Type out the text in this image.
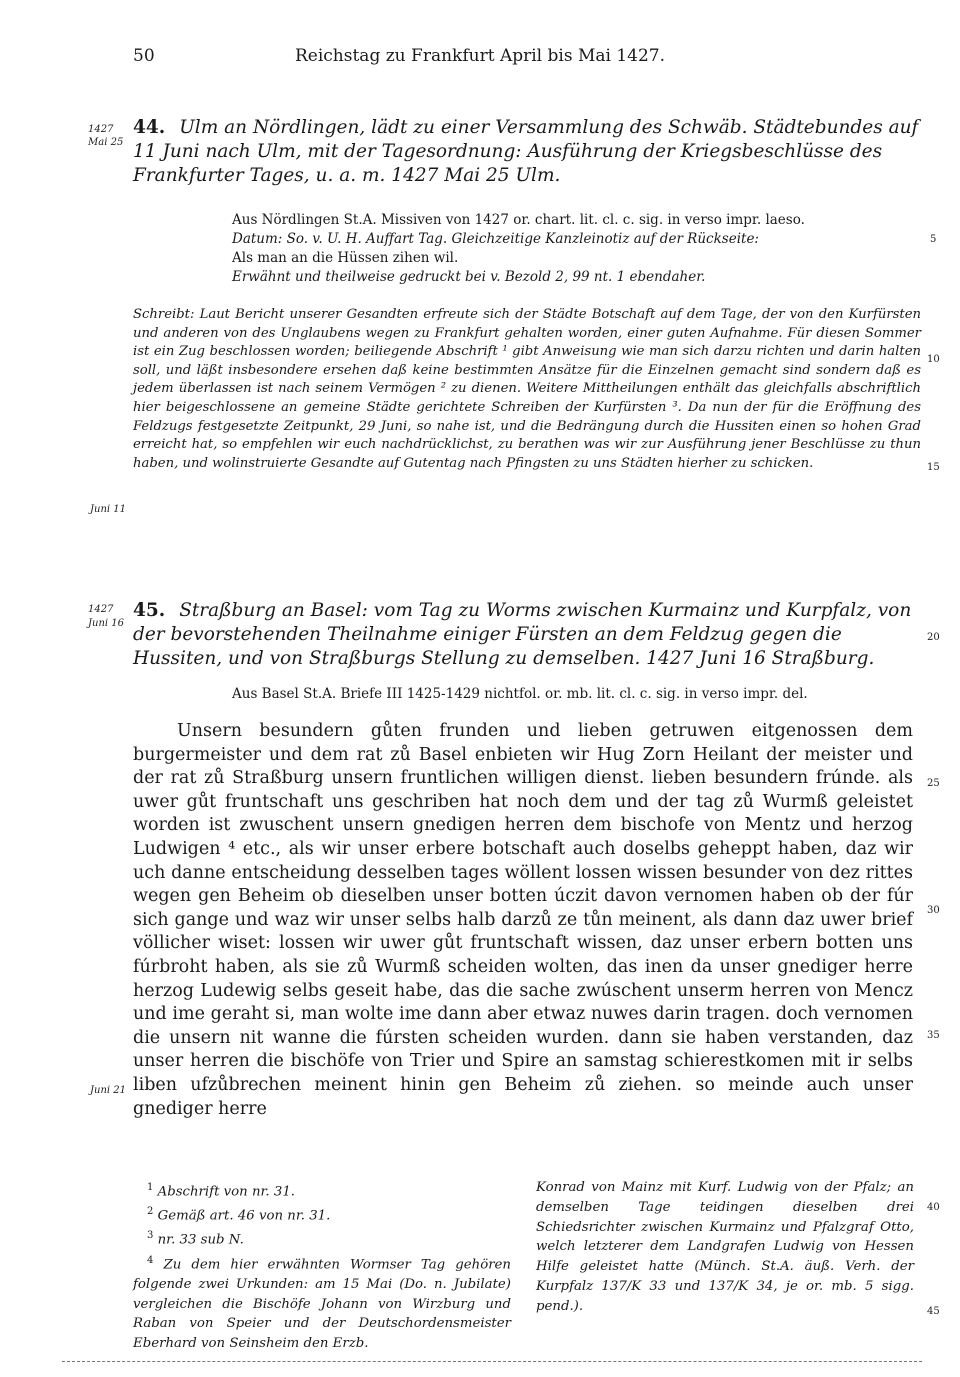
50	Reichstag zu Frankfurt April bis Mai 1427.
1427
Mai 25
44. Ulm an Nördlingen, lädt zu einer Versammlung des Schwäb. Städtebundes auf 11 Juni nach Ulm, mit der Tagesordnung: Ausführung der Kriegsbeschlüsse des Frankfurter Tages, u. a. m. 1427 Mai 25 Ulm.
Aus Nördlingen St.A. Missiven von 1427 or. chart. lit. cl. c. sig. in verso impr. laeso.
Datum: So. v. U. H. Auffart Tag. Gleichzeitige Kanzleinotiz auf der Rückseite:
Als man an die Hüssen zihen wil.
Erwähnt und theilweise gedruckt bei v. Bezold 2, 99 nt. 1 ebendaher.
Schreibt: Laut Bericht unserer Gesandten erfreute sich der Städte Botschaft auf dem Tage, der von den Kurfürsten und anderen von des Unglaubens wegen zu Frankfurt gehalten worden, einer guten Aufnahme. Für diesen Sommer ist ein Zug beschlossen worden; beiliegende Abschrift ¹ gibt Anweisung wie man sich darzu richten und darin halten soll, und läßt insbesondere ersehen daß keine bestimmten Ansätze für die Einzelnen gemacht sind sondern daß es jedem überlassen ist nach seinem Vermögen ² zu dienen. Weitere Mittheilungen enthält das gleichfalls abschriftlich hier beigeschlossene an gemeine Städte gerichtete Schreiben der Kurfürsten ³. Da nun der für die Eröffnung des Feldzugs festgesetzte Zeitpunkt, 29 Juni, so nahe ist, und die Bedrängung durch die Hussiten einen so hohen Grad erreicht hat, so empfehlen wir euch nachdrücklichst, zu berathen was wir zur Ausführung jener Beschlüsse zu thun haben, und wolinstruierte Gesandte auf Gutentag nach Pfingsten zu uns Städten hierher zu schicken.
Juni 11
1427
Juni 16
45. Straßburg an Basel: vom Tag zu Worms zwischen Kurmainz und Kurpfalz, von der bevorstehenden Theilnahme einiger Fürsten an dem Feldzug gegen die Hussiten, und von Straßburgs Stellung zu demselben. 1427 Juni 16 Straßburg.
Aus Basel St.A. Briefe III 1425-1429 nichtfol. or. mb. lit. cl. c. sig. in verso impr. del.
Unsern besundern gůten frunden und lieben getruwen eitgenossen dem burgermeister und dem rat zů Basel enbieten wir Hug Zorn Heilant der meister und der rat zů Straßburg unsern fruntlichen willigen dienst. lieben besundern frúnde. als uwer gůt fruntschaft uns geschriben hat noch dem und der tag zů Wurmß geleistet worden ist zwuschent unsern gnedigen herren dem bischofe von Mentz und herzog Ludwigen ⁴ etc., als wir unser erbere botschaft auch doselbs geheppt haben, daz wir uch danne entscheidung desselben tages wöllent lossen wissen besunder von dez rittes wegen gen Beheim ob dieselben unser botten úczit davon vernomen haben ob der fúr sich gange und waz wir unser selbs halb darzů ze tůn meinent, als dann daz uwer brief völlicher wiset: lossen wir uwer gůt fruntschaft wissen, daz unser erbern botten uns fúrbroht haben, als sie zů Wurmß scheiden wolten, das inen da unser gnediger herre herzog Ludewig selbs geseit habe, das die sache zwúschent unserm herren von Mencz und ime geraht si, man wolte ime dann aber etwaz nuwes darin tragen. doch vernomen die unsern nit wanne die fúrsten scheiden wurden. dann sie haben verstanden, daz unser herren die bischöfe von Trier und Spire an samstag schierestkomen mit ir selbs liben ufzůbrechen meinent hinin gen Beheim zů ziehen. so meinde auch unser gnediger herre
Juni 21
5
10
15
20
25
30
35
40
45
$^1$ Abschrift von nr. 31.
$^2$ Gemäß art. 46 von nr. 31.
$^3$ nr. 33 sub N.
$^4$ Zu dem hier erwähnten Wormser Tag gehören folgende zwei Urkunden: am 15 Mai (Do. n. Jubilate) vergleichen die Bischöfe Johann von Wirzburg und Raban von Speier und der Deutschordensmeister Eberhard von Seinsheim den Erzb.
Konrad von Mainz mit Kurf. Ludwig von der Pfalz; an demselben Tage teidingen dieselben drei Schiedsrichter zwischen Kurmainz und Pfalzgraf Otto, welch letzterer dem Landgrafen Ludwig von Hessen Hilfe geleistet hatte (Münch. St.A. äuß. Verh. der Kurpfalz 137/K 33 und 137/K 34, je or. mb. 5 sigg. pend.).
